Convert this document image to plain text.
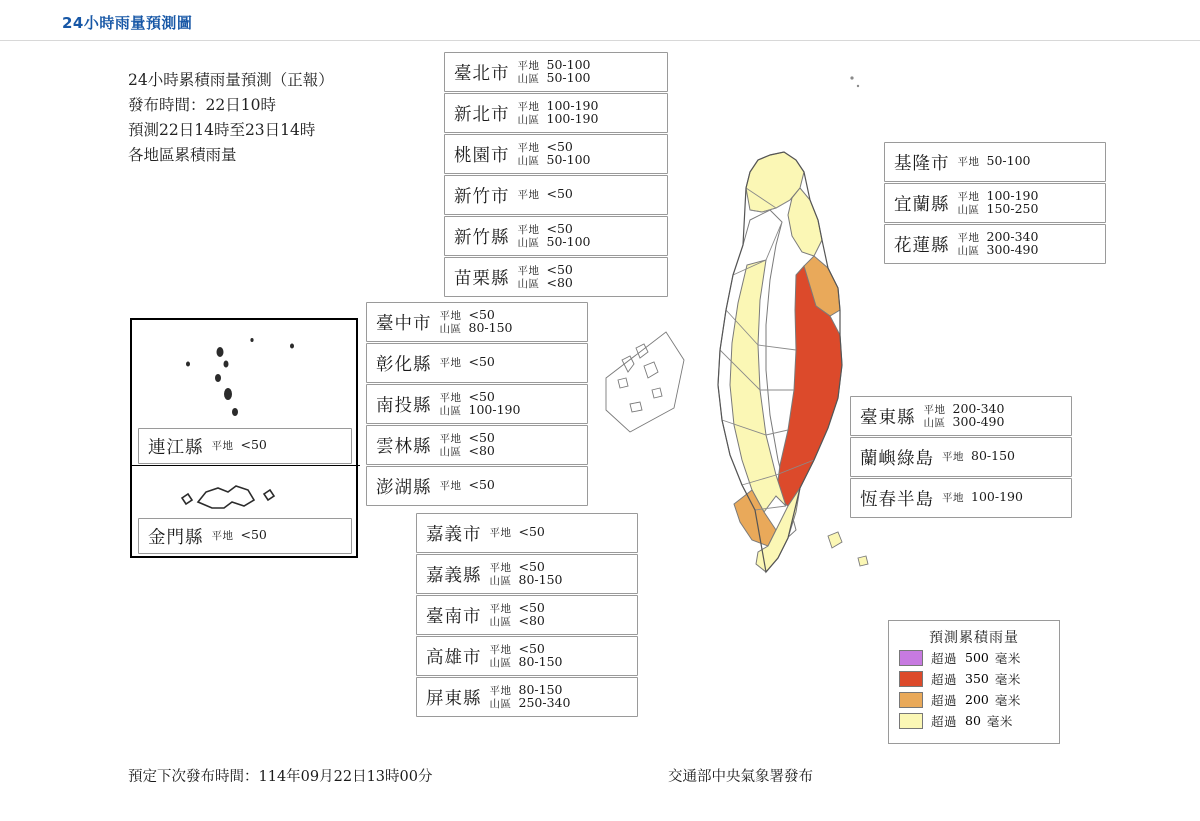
24小時雨量預測圖
24小時累積雨量預測（正報）
發布時間：22日10時
預測22日14時至23日14時
各地區累積雨量
臺北市 平地 50-100
山區 50-100
新北市 平地 100-190
山區 100-190
桃園市 平地 <50
山區 50-100
新竹市 平地 <50
新竹縣 平地 <50
山區 50-100
苗栗縣 平地 <50
山區 <80
臺中市 平地 <50
山區 80-150
彰化縣 平地 <50
南投縣 平地 <50
山區 100-190
雲林縣 平地 <50
山區 <80
澎湖縣 平地 <50
嘉義市 平地 <50
嘉義縣 平地 <50
山區 80-150
臺南市 平地 <50
山區 <80
高雄市 平地 <50
山區 80-150
屏東縣 平地 80-150
山區 250-340
基隆市 平地 50-100
宜蘭縣 平地 100-190
山區 150-250
花蓮縣 平地 200-340
山區 300-490
臺東縣 平地 200-340
山區 300-490
蘭嶼綠島 平地 80-150
恆春半島 平地 100-190
連江縣 平地 <50
金門縣 平地 <50
預測累積雨量
超過 500 毫米
超過 350 毫米
超過 200 毫米
超過 80 毫米
預定下次發布時間：114年09月22日13時00分	交通部中央氣象署發布
